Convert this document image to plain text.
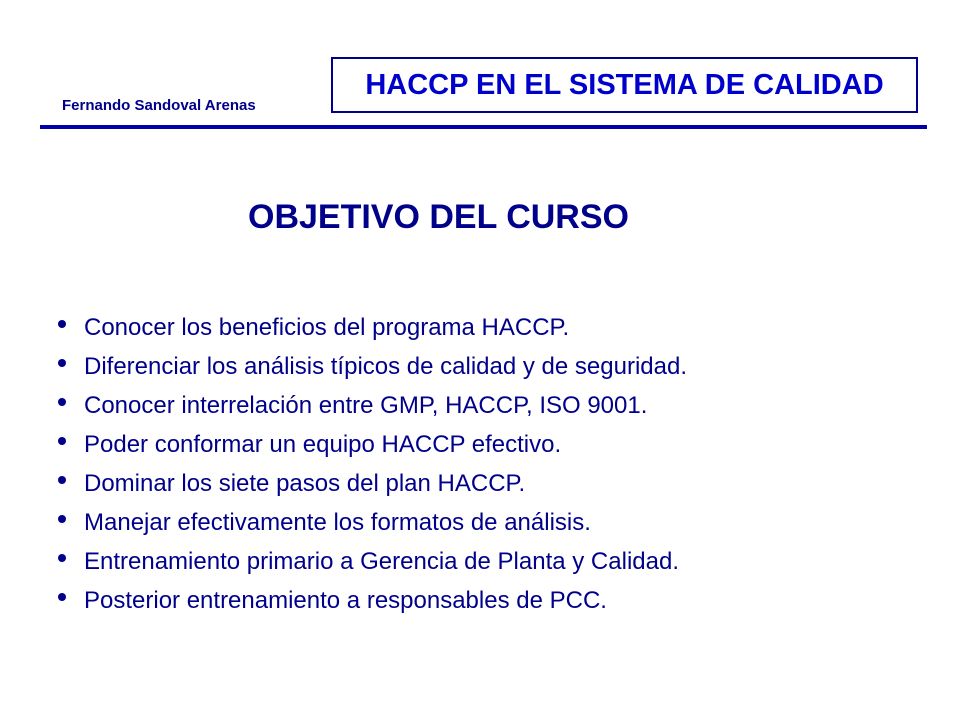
Fernando Sandoval Arenas
HACCP EN EL SISTEMA DE CALIDAD
OBJETIVO DEL CURSO
Conocer los beneficios del programa HACCP.
Diferenciar los análisis típicos de calidad y de seguridad.
Conocer interrelación entre GMP, HACCP, ISO 9001.
Poder conformar un equipo HACCP efectivo.
Dominar los siete pasos del plan HACCP.
Manejar efectivamente los formatos de análisis.
Entrenamiento primario a Gerencia de Planta y Calidad.
Posterior entrenamiento a responsables de PCC.
